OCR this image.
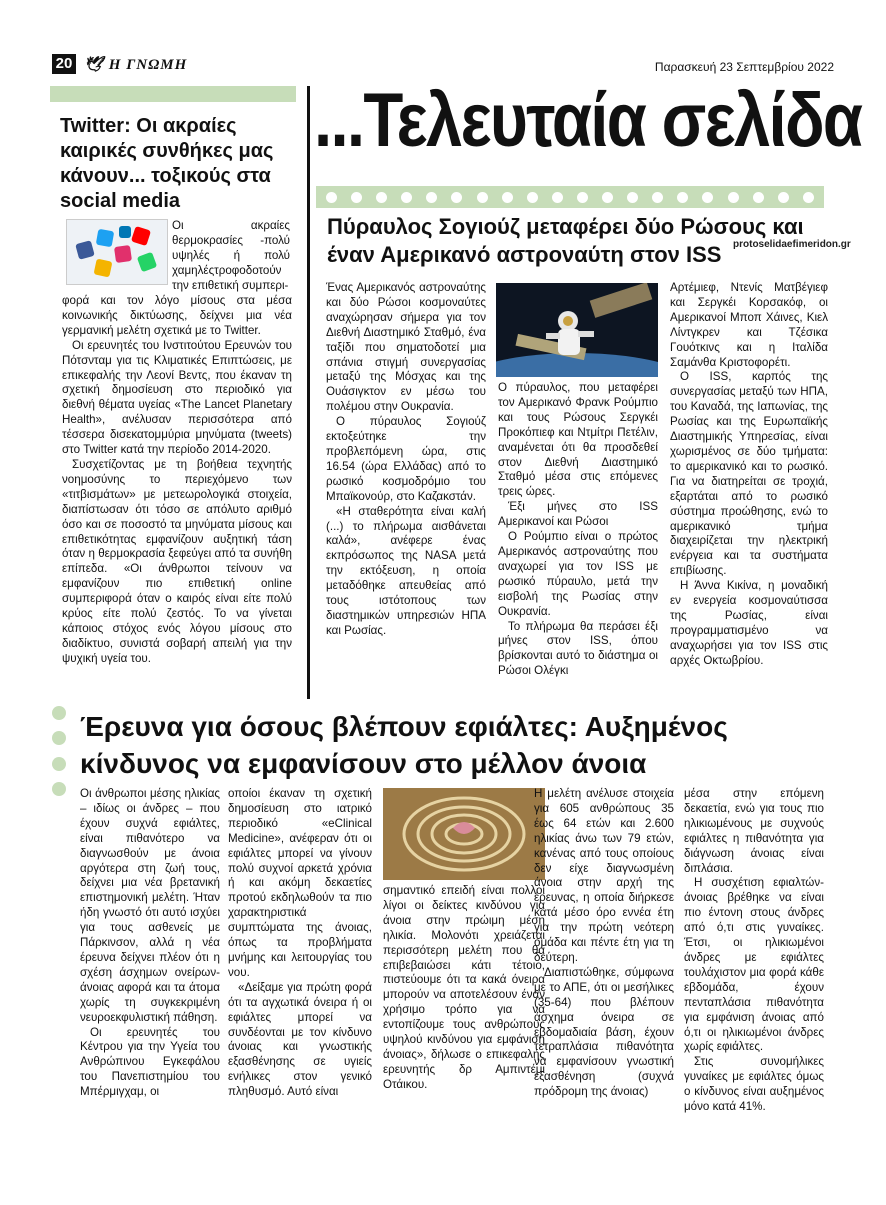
20 🕊 Η ΓΝΩΜΗ	Παρασκευή 23 Σεπτεμβρίου 2022
...Τελευταία σελίδα
Twitter: Οι ακραίες καιρικές συνθήκες μας κάνουν... τοξικούς στα social media
Οι ακραίες θερμοκρασίες -πολύ υψηλές ή πολύ χαμηλέςτροφοδοτούν την επιθετική συμπερι-

φορά και τον λόγο μίσους στα μέσα κοινωνικής δικτύωσης, δείχνει μια νέα γερμανική μελέτη σχετικά με το Twitter.

Οι ερευνητές του Ινστιτούτου Ερευνών του Πότσνταμ για τις Κλιματικές Επιπτώσεις, με επικεφαλής την Λεονί Βεντς, που έκαναν τη σχετική δημοσίευση στο περιοδικό για διεθνή θέματα υγείας «The Lancet Planetary Health», ανέλυσαν περισσότερα από τέσσερα δισεκατομμύρια μηνύματα (tweets) στο Twitter κατά την περίοδο 2014-2020.

Συσχετίζοντας με τη βοήθεια τεχνητής νοημοσύνης το περιεχόμενο των «τιτβισμάτων» με μετεωρολογικά στοιχεία, διαπίστωσαν ότι τόσο σε απόλυτο αριθμό όσο και σε ποσοστό τα μηνύματα μίσους και επιθετικότητας εμφανίζουν αυξητική τάση όταν η θερμοκρασία ξεφεύγει από τα συνήθη επίπεδα. «Οι άνθρωποι τείνουν να εμφανίζουν πιο επιθετική online συμπεριφορά όταν ο καιρός είναι είτε πολύ κρύος είτε πολύ ζεστός. Το να γίνεται κάποιος στόχος ενός λόγου μίσους στο διαδίκτυο, συνιστά σοβαρή απειλή για την ψυχική υγεία του.

Πύραυλος Σογιούζ μεταφέρει δύο Ρώσους και έναν Αμερικανό αστροναύτη στον ISS	protoselidaefimeridon.gr

Ένας Αμερικανός αστροναύτης και δύο Ρώσοι κοσμοναύτες αναχώρησαν σήμερα για τον Διεθνή Διαστημικό Σταθμό, ένα ταξίδι που σηματοδοτεί μια σπάνια στιγμή συνεργασίας μεταξύ της Μόσχας και της Ουάσιγκτον εν μέσω του πολέμου στην Ουκρανία.

Ο πύραυλος Σογιούζ εκτοξεύτηκε την προβλεπόμενη ώρα, στις 16.54 (ώρα Ελλάδας) από το ρωσικό κοσμοδρόμιο του Μπαϊκονούρ, στο Καζακστάν.

«Η σταθερότητα είναι καλή (...) το πλήρωμα αισθάνεται καλά», ανέφερε ένας εκπρόσωπος της NASA μετά την εκτόξευση, η οποία μεταδόθηκε απευθείας από τους ιστότοπους των διαστημικών υπηρεσιών ΗΠΑ και Ρωσίας.

Ο πύραυλος, που μεταφέρει τον Αμερικανό Φρανκ Ρούμπιο και τους Ρώσους Σεργκέι Προκόπιεφ και Ντμίτρι Πετέλιν, αναμένεται ότι θα προσδεθεί στον Διεθνή Διαστημικό Σταθμό μέσα στις επόμενες τρεις ώρες.

Έξι μήνες στο ISS Αμερικανοί και Ρώσοι

Ο Ρούμπιο είναι ο πρώτος Αμερικανός αστροναύτης που αναχωρεί για τον ISS με ρωσικό πύραυλο, μετά την εισβολή της Ρωσίας στην Ουκρανία.

Το πλήρωμα θα περάσει έξι μήνες στον ISS, όπου βρίσκονται αυτό το διάστημα οι Ρώσοι Ολέγκι

Αρτέμιεφ, Ντενίς Ματβέγιεφ και Σεργκέι Κορσακόφ, οι Αμερικανοί Μποπ Χάινες, Κιελ Λίντγκρεν και Τζέσικα Γουότκινς και η Ιταλίδα Σαμάνθα Κριστοφορέτι.

Ο ISS, καρπός της συνεργασίας μεταξύ των ΗΠΑ, του Καναδά, της Ιαπωνίας, της Ρωσίας και της Ευρωπαϊκής Διαστημικής Υπηρεσίας, είναι χωρισμένος σε δύο τμήματα: το αμερικανικό και το ρωσικό. Για να διατηρείται σε τροχιά, εξαρτάται από το ρωσικό σύστημα προώθησης, ενώ το αμερικανικό τμήμα διαχειρίζεται την ηλεκτρική ενέργεια και τα συστήματα επιβίωσης.

Η Άννα Κικίνα, η μοναδική εν ενεργεία κοσμοναύτισσα της Ρωσίας, είναι προγραμματισμένο να αναχωρήσει για τον ISS στις αρχές Οκτωβρίου.

Έρευνα για όσους βλέπουν εφιάλτες: Αυξημένος κίνδυνος να εμφανίσουν στο μέλλον άνοια

Οι άνθρωποι μέσης ηλικίας – ιδίως οι άνδρες – που έχουν συχνά εφιάλτες, είναι πιθανότερο να διαγνωσθούν με άνοια αργότερα στη ζωή τους, δείχνει μια νέα βρετανική επιστημονική μελέτη. Ήταν ήδη γνωστό ότι αυτό ισχύει για τους ασθενείς με Πάρκινσον, αλλά η νέα έρευνα δείχνει πλέον ότι η σχέση άσχημων ονείρων-άνοιας αφορά και τα άτομα χωρίς τη συγκεκριμένη νευροεκφυλιστική πάθηση.

Οι ερευνητές του Κέντρου για την Υγεία του Ανθρώπινου Εγκεφάλου του Πανεπιστημίου του Μπέρμιγχαμ, οι

οποίοι έκαναν τη σχετική δημοσίευση στο ιατρικό περιοδικό «eClinical Medicine», ανέφεραν ότι οι εφιάλτες μπορεί να γίνουν πολύ συχνοί αρκετά χρόνια ή και ακόμη δεκαετίες προτού εκδηλωθούν τα πιο χαρακτηριστικά συμπτώματα της άνοιας, όπως τα προβλήματα μνήμης και λειτουργίας του νου.

«Δείξαμε για πρώτη φορά ότι τα αγχωτικά όνειρα ή οι εφιάλτες μπορεί να συνδέονται με τον κίνδυνο άνοιας και γνωστικής εξασθένησης σε υγιείς ενήλικες στον γενικό πληθυσμό. Αυτό είναι

σημαντικό επειδή είναι πολλοί λίγοι οι δείκτες κινδύνου για άνοια στην πρώιμη μέση ηλικία. Μολονότι χρειάζεται περισσότερη μελέτη που θα επιβεβαιώσει κάτι τέτοιο, πιστεύουμε ότι τα κακά όνειρα μπορούν να αποτελέσουν έναν χρήσιμο τρόπο για να εντοπίζουμε τους ανθρώπους υψηλού κινδύνου για εμφάνιση άνοιας», δήλωσε ο επικεφαλής ερευνητής δρ Αμπιντέμι Οτάικου.

Η μελέτη ανέλυσε στοιχεία για 605 ανθρώπους 35 έως 64 ετών και 2.600 ηλικίας άνω των 79 ετών, κανένας από τους οποίους δεν είχε διαγνωσμένη άνοια στην αρχή της έρευνας, η οποία διήρκεσε κατά μέσο όρο εννέα έτη για την πρώτη νεότερη ομάδα και πέντε έτη για τη δεύτερη.

Διαπιστώθηκε, σύμφωνα με το ΑΠΕ, ότι οι μεσήλικες (35-64) που βλέπουν άσχημα όνειρα σε εβδομαδιαία βάση, έχουν τετραπλάσια πιθανότητα να εμφανίσουν γνωστική εξασθένηση (συχνά πρόδρομη της άνοιας)

μέσα στην επόμενη δεκαετία, ενώ για τους πιο ηλικιωμένους με συχνούς εφιάλτες η πιθανότητα για διάγνωση άνοιας είναι διπλάσια.

Η συσχέτιση εφιαλτών-άνοιας βρέθηκε να είναι πιο έντονη στους άνδρες από ό,τι στις γυναίκες. Έτσι, οι ηλικιωμένοι άνδρες με εφιάλτες τουλάχιστον μια φορά κάθε εβδομάδα, έχουν πενταπλάσια πιθανότητα για εμφάνιση άνοιας από ό,τι οι ηλικιωμένοι άνδρες χωρίς εφιάλτες.

Στις συνομήλικες γυναίκες με εφιάλτες όμως ο κίνδυνος είναι αυξημένος μόνο κατά 41%.
